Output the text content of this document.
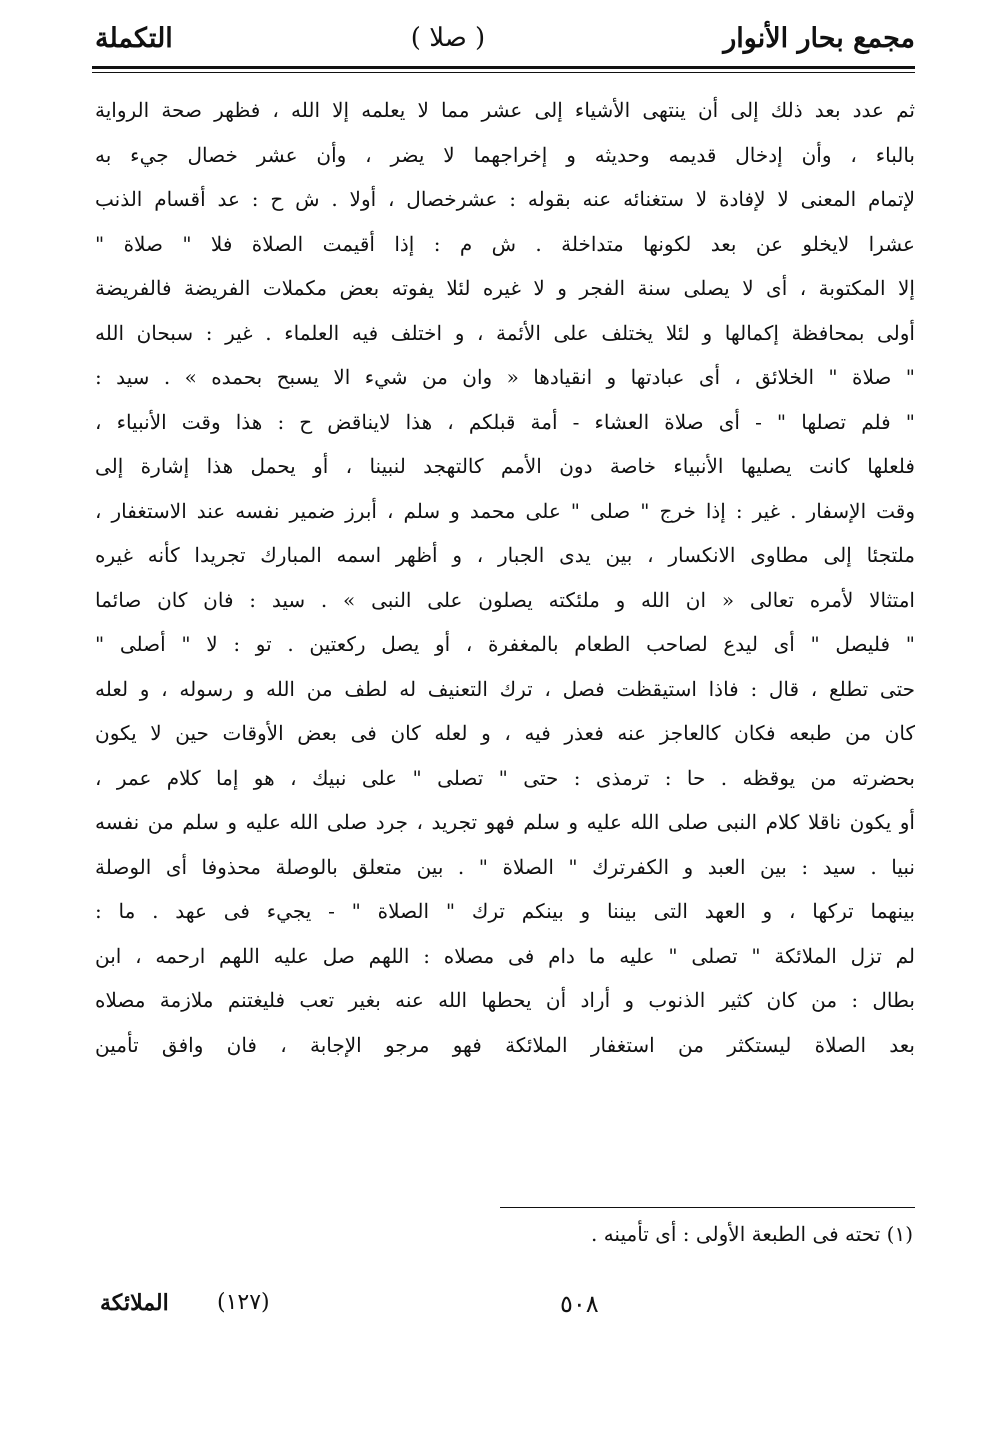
مجمع بحار الأنوار
( صلا )
التكملة
ثم عدد بعد ذلك إلى أن ينتهى الأشياء إلى عشر مما لا يعلمه إلا الله ، فظهر صحة الرواية
بالباء ، وأن إدخال قديمه وحديثه و إخراجهما لا يضر ، وأن عشر خصال جيء به
لإتمام المعنى لا لإفادة لا ستغنائه عنه بقوله : عشرخصال ، أولا . ش ح : عد أقسام الذنب
عشرا لايخلو عن بعد لكونها متداخلة . ش م : إذا أقيمت الصلاة فلا " صلاة "
إلا المكتوبة ، أى لا يصلى سنة الفجر و لا غيره لئلا يفوته بعض مكملات الفريضة فالفريضة
أولى بمحافظة إكمالها و لئلا يختلف على الأئمة ، و اختلف فيه العلماء . غير : سبحان الله
" صلاة " الخلائق ، أى عبادتها و انقيادها « وان من شيء الا يسبح بحمده » . سيد :
" فلم تصلها " - أى صلاة العشاء - أمة قبلكم ، هذا لايناقض ح : هذا وقت الأنبياء ،
فلعلها كانت يصليها الأنبياء خاصة دون الأمم كالتهجد لنبينا ، أو يحمل هذا إشارة إلى
وقت الإسفار . غير : إذا خرج " صلى " على محمد و سلم ، أبرز ضمير نفسه عند الاستغفار ،
ملتجئا إلى مطاوى الانكسار ، بين يدى الجبار ، و أظهر اسمه المبارك تجريدا كأنه غيره
امتثالا لأمره تعالى « ان الله و ملئكته يصلون على النبى » . سيد : فان كان صائما
" فليصل " أى ليدع لصاحب الطعام بالمغفرة ، أو يصل ركعتين . تو : لا " أصلى "
حتى تطلع ، قال : فاذا استيقظت فصل ، ترك التعنيف له لطف من الله و رسوله ، و لعله
كان من طبعه فكان كالعاجز عنه فعذر فيه ، و لعله كان فى بعض الأوقات حين لا يكون
بحضرته من يوقظه . حا : ترمذى : حتى " تصلى " على نبيك ، هو إما كلام عمر ،
أو يكون ناقلا كلام النبى صلى الله عليه و سلم فهو تجريد ، جرد صلى الله عليه و سلم من نفسه
نبيا . سيد : بين العبد و الكفرترك " الصلاة " . بين متعلق بالوصلة محذوفا أى الوصلة
بينهما تركها ، و العهد التى بيننا و بينكم ترك " الصلاة " - يجيء فى عهد . ما :
لم تزل الملائكة " تصلى " عليه ما دام فى مصلاه : اللهم صل عليه اللهم ارحمه ، ابن
بطال : من كان كثير الذنوب و أراد أن يحطها الله عنه بغير تعب فليغتنم ملازمة مصلاه
بعد الصلاة ليستكثر من استغفار الملائكة فهو مرجو الإجابة ، فان وافق تأمين
(١) تحته فى الطبعة الأولى : أى تأمينه .
٥٠٨
(١٢٧)
الملائكة
